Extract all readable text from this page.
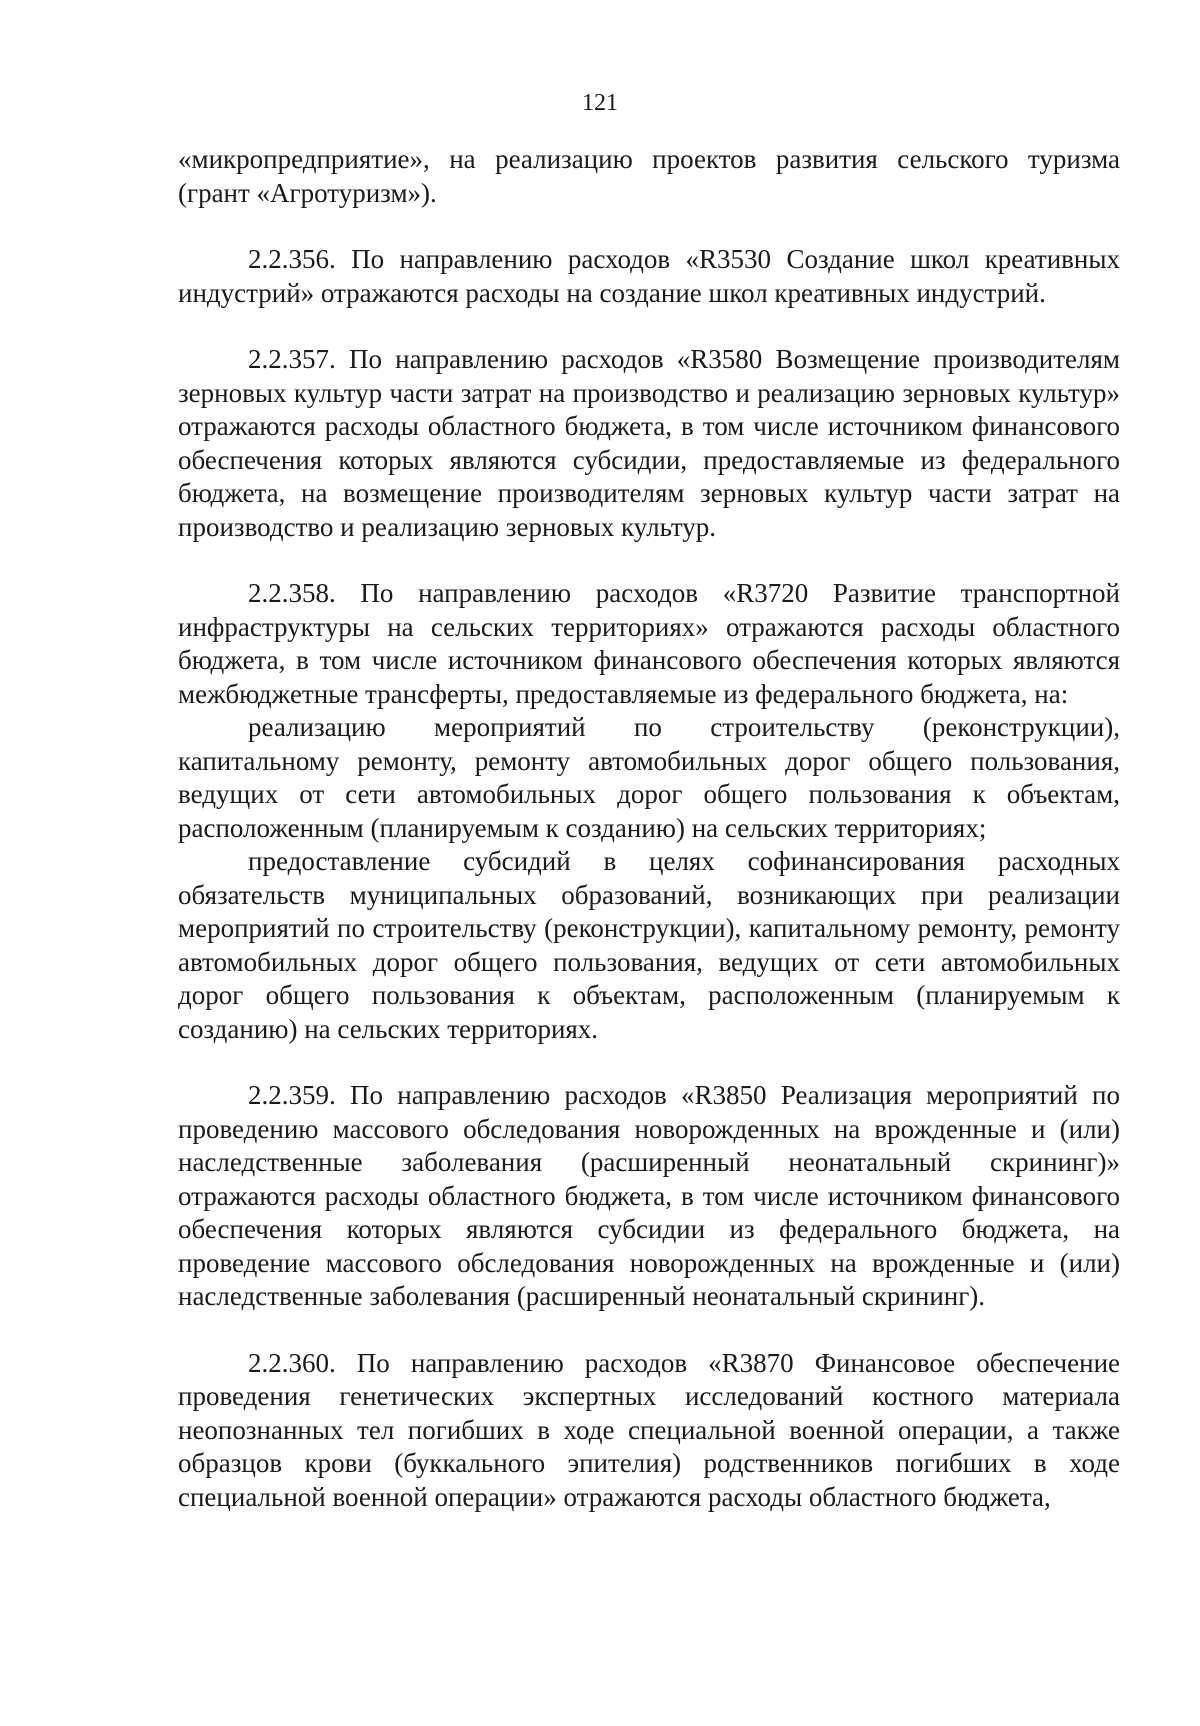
121

«микропредприятие», на реализацию проектов развития сельского туризма (грант «Агротуризм»).

2.2.356. По направлению расходов «R3530 Создание школ креативных индустрий» отражаются расходы на создание школ креативных индустрий.

2.2.357. По направлению расходов «R3580 Возмещение производителям зерновых культур части затрат на производство и реализацию зерновых культур» отражаются расходы областного бюджета, в том числе источником финансового обеспечения которых являются субсидии, предоставляемые из федерального бюджета, на возмещение производителям зерновых культур части затрат на производство и реализацию зерновых культур.

2.2.358. По направлению расходов «R3720 Развитие транспортной инфраструктуры на сельских территориях» отражаются расходы областного бюджета, в том числе источником финансового обеспечения которых являются межбюджетные трансферты, предоставляемые из федерального бюджета, на:

реализацию мероприятий по строительству (реконструкции), капитальному ремонту, ремонту автомобильных дорог общего пользования, ведущих от сети автомобильных дорог общего пользования к объектам, расположенным (планируемым к созданию) на сельских территориях;

предоставление субсидий в целях софинансирования расходных обязательств муниципальных образований, возникающих при реализации мероприятий по строительству (реконструкции), капитальному ремонту, ремонту автомобильных дорог общего пользования, ведущих от сети автомобильных дорог общего пользования к объектам, расположенным (планируемым к созданию) на сельских территориях.

2.2.359. По направлению расходов «R3850 Реализация мероприятий по проведению массового обследования новорожденных на врожденные и (или) наследственные заболевания (расширенный неонатальный скрининг)» отражаются расходы областного бюджета, в том числе источником финансового обеспечения которых являются субсидии из федерального бюджета, на проведение массового обследования новорожденных на врожденные и (или) наследственные заболевания (расширенный неонатальный скрининг).

2.2.360. По направлению расходов «R3870 Финансовое обеспечение проведения генетических экспертных исследований костного материала неопознанных тел погибших в ходе специальной военной операции, а также образцов крови (буккального эпителия) родственников погибших в ходе специальной военной операции» отражаются расходы областного бюджета,
